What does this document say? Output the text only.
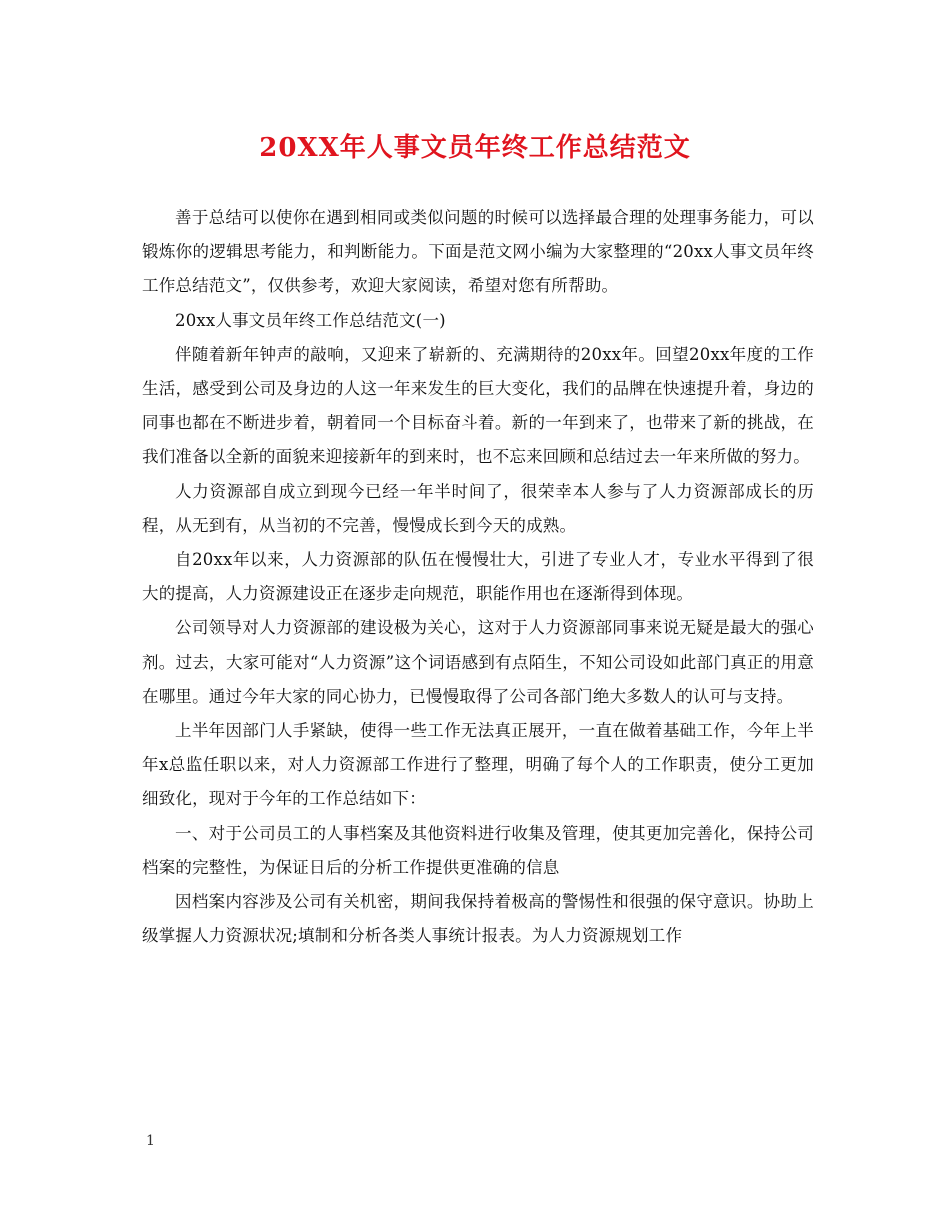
20XX年人事文员年终工作总结范文

善于总结可以使你在遇到相同或类似问题的时候可以选择最合理的处理事务能力，可以锻炼你的逻辑思考能力，和判断能力。下面是范文网小编为大家整理的“20xx人事文员年终工作总结范文”，仅供参考，欢迎大家阅读，希望对您有所帮助。

20xx人事文员年终工作总结范文(一)

伴随着新年钟声的敲响，又迎来了崭新的、充满期待的20xx年。回望20xx年度的工作生活，感受到公司及身边的人这一年来发生的巨大变化，我们的品牌在快速提升着，身边的同事也都在不断进步着，朝着同一个目标奋斗着。新的一年到来了，也带来了新的挑战，在我们准备以全新的面貌来迎接新年的到来时，也不忘来回顾和总结过去一年来所做的努力。

人力资源部自成立到现今已经一年半时间了，很荣幸本人参与了人力资源部成长的历程，从无到有，从当初的不完善，慢慢成长到今天的成熟。

自20xx年以来，人力资源部的队伍在慢慢壮大，引进了专业人才，专业水平得到了很大的提高，人力资源建设正在逐步走向规范，职能作用也在逐渐得到体现。

公司领导对人力资源部的建设极为关心，这对于人力资源部同事来说无疑是最大的强心剂。过去，大家可能对“人力资源”这个词语感到有点陌生，不知公司设如此部门真正的用意在哪里。通过今年大家的同心协力，已慢慢取得了公司各部门绝大多数人的认可与支持。

上半年因部门人手紧缺，使得一些工作无法真正展开，一直在做着基础工作，今年上半年x总监任职以来，对人力资源部工作进行了整理，明确了每个人的工作职责，使分工更加细致化，现对于今年的工作总结如下：

一、对于公司员工的人事档案及其他资料进行收集及管理，使其更加完善化，保持公司档案的完整性，为保证日后的分析工作提供更准确的信息

因档案内容涉及公司有关机密，期间我保持着极高的警惕性和很强的保守意识。协助上级掌握人力资源状况;填制和分析各类人事统计报表。为人力资源规划工作

1
